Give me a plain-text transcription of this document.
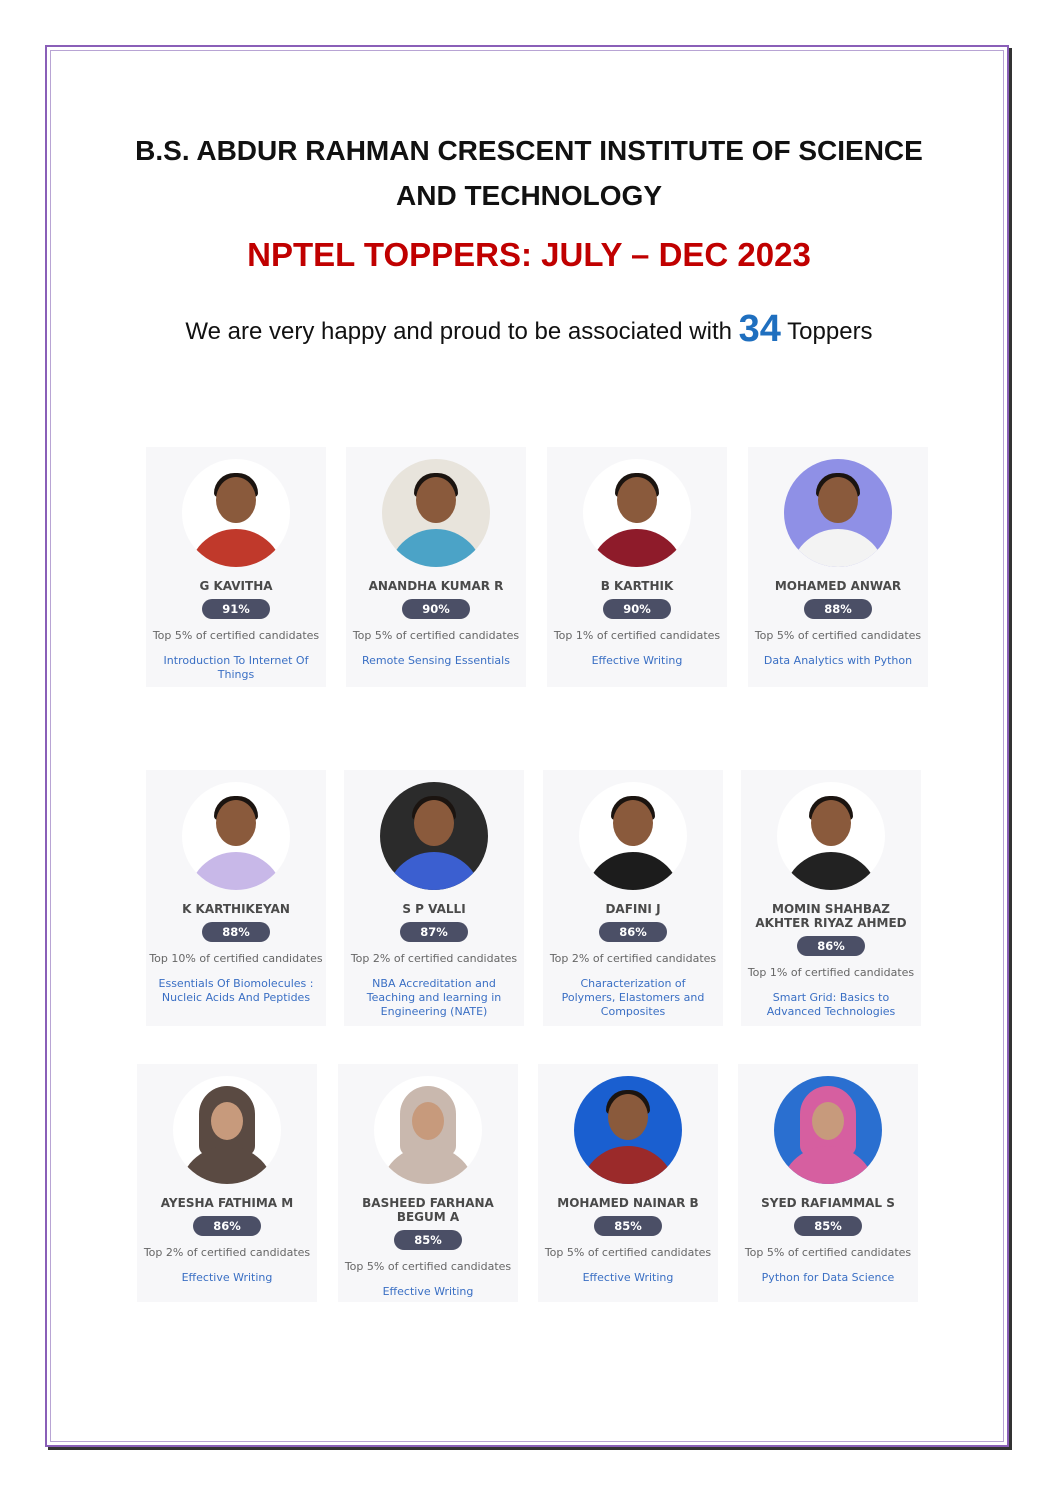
B.S. ABDUR RAHMAN CRESCENT INSTITUTE OF SCIENCE
AND TECHNOLOGY
NPTEL TOPPERS: JULY – DEC 2023
We are very happy and proud to be associated with 34 Toppers
G KAVITHA
91%
Top 5% of certified candidates
Introduction To Internet Of Things
ANANDHA KUMAR R
90%
Top 5% of certified candidates
Remote Sensing Essentials
B KARTHIK
90%
Top 1% of certified candidates
Effective Writing
MOHAMED ANWAR
88%
Top 5% of certified candidates
Data Analytics with Python
K KARTHIKEYAN
88%
Top 10% of certified candidates
Essentials Of Biomolecules : Nucleic Acids And Peptides
S P VALLI
87%
Top 2% of certified candidates
NBA Accreditation and Teaching and learning in Engineering (NATE)
DAFINI J
86%
Top 2% of certified candidates
Characterization of Polymers, Elastomers and Composites
MOMIN SHAHBAZ AKHTER RIYAZ AHMED
86%
Top 1% of certified candidates
Smart Grid: Basics to Advanced Technologies
AYESHA FATHIMA M
86%
Top 2% of certified candidates
Effective Writing
BASHEED FARHANA BEGUM A
85%
Top 5% of certified candidates
Effective Writing
MOHAMED NAINAR B
85%
Top 5% of certified candidates
Effective Writing
SYED RAFIAMMAL S
85%
Top 5% of certified candidates
Python for Data Science
